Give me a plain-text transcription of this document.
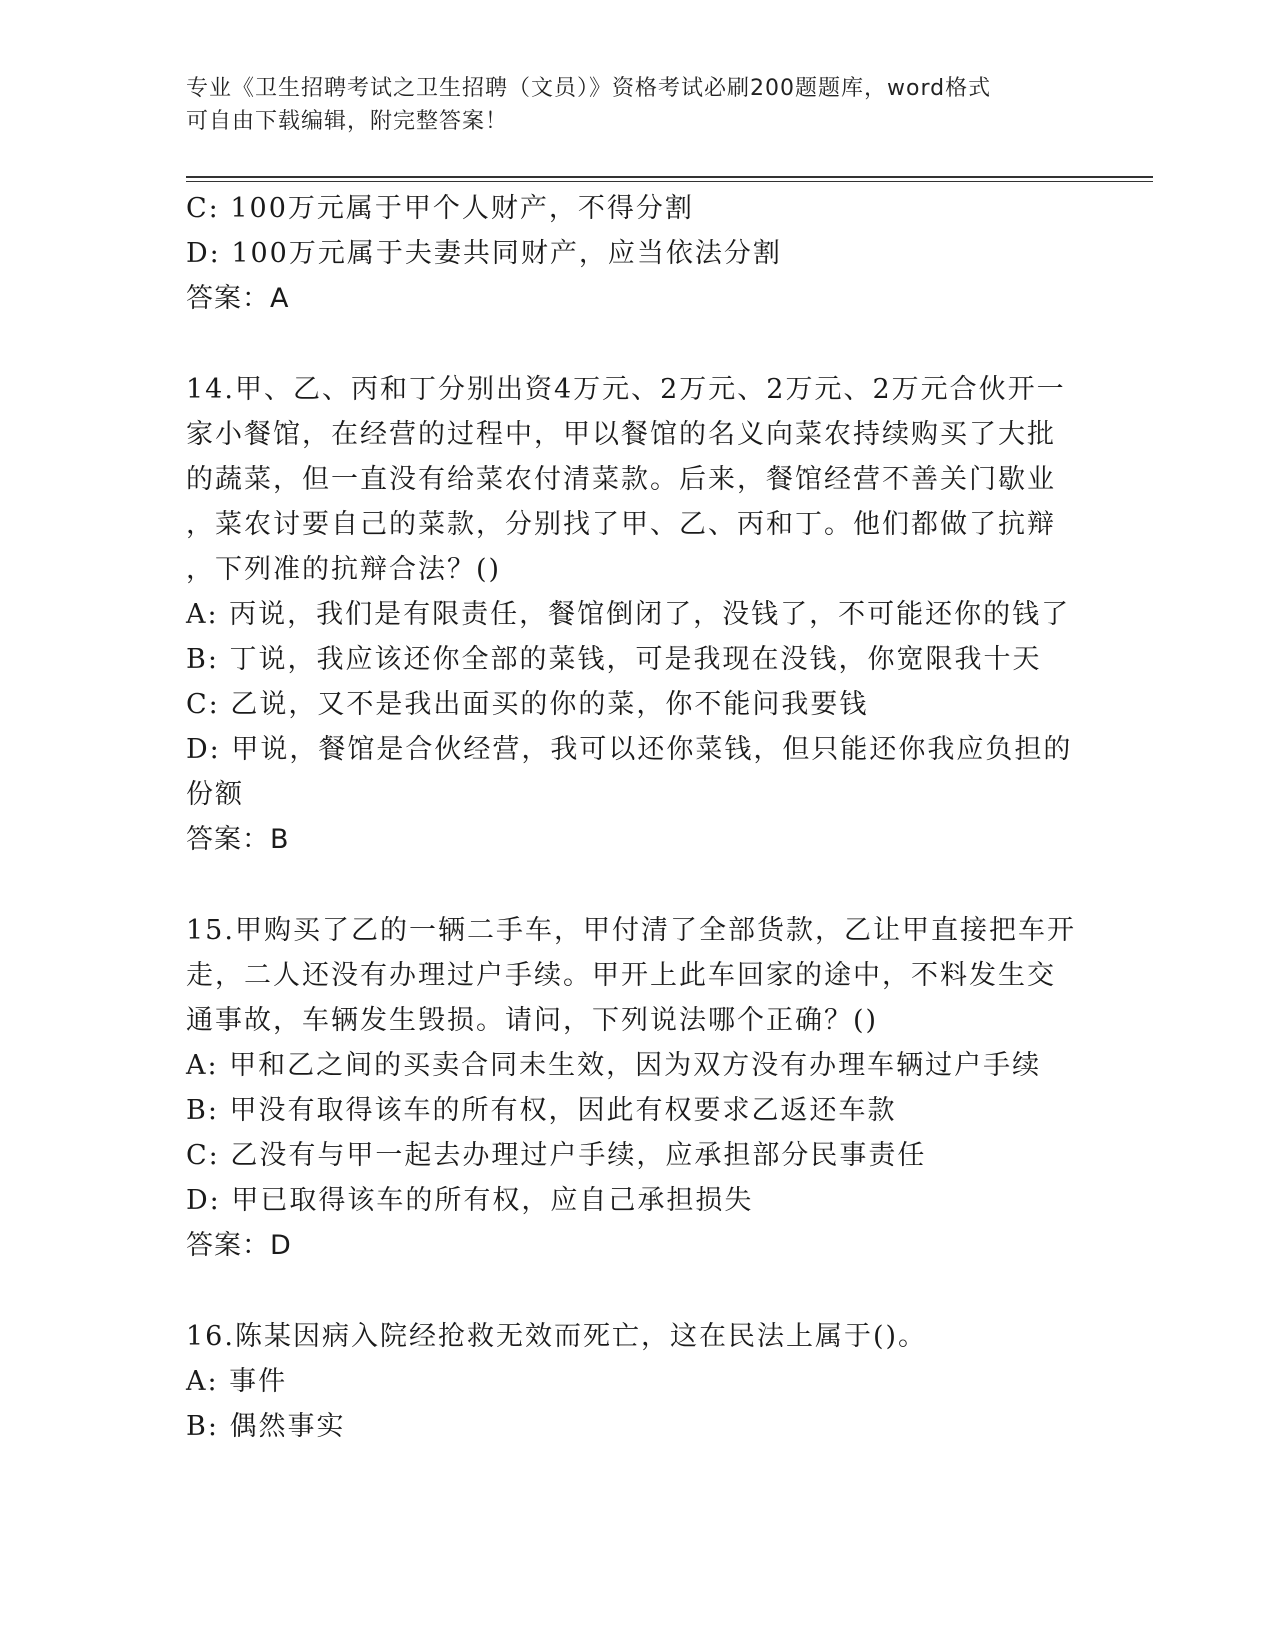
专业《卫生招聘考试之卫生招聘（文员）》资格考试必刷200题题库，word格式
可自由下载编辑，附完整答案！
C: 100万元属于甲个人财产，不得分割
D: 100万元属于夫妻共同财产，应当依法分割
答案：A
14.甲、乙、丙和丁分别出资4万元、2万元、2万元、2万元合伙开一
家小餐馆，在经营的过程中，甲以餐馆的名义向菜农持续购买了大批
的蔬菜，但一直没有给菜农付清菜款。后来，餐馆经营不善关门歇业
，菜农讨要自己的菜款，分别找了甲、乙、丙和丁。他们都做了抗辩
，下列准的抗辩合法？()
A: 丙说，我们是有限责任，餐馆倒闭了，没钱了，不可能还你的钱了
B: 丁说，我应该还你全部的菜钱，可是我现在没钱，你宽限我十天
C: 乙说，又不是我出面买的你的菜，你不能问我要钱
D: 甲说，餐馆是合伙经营，我可以还你菜钱，但只能还你我应负担的
份额
答案：B
15.甲购买了乙的一辆二手车，甲付清了全部货款，乙让甲直接把车开
走，二人还没有办理过户手续。甲开上此车回家的途中，不料发生交
通事故，车辆发生毁损。请问，下列说法哪个正确？()
A: 甲和乙之间的买卖合同未生效，因为双方没有办理车辆过户手续
B: 甲没有取得该车的所有权，因此有权要求乙返还车款
C: 乙没有与甲一起去办理过户手续，应承担部分民事责任
D: 甲已取得该车的所有权，应自己承担损失
答案：D
16.陈某因病入院经抢救无效而死亡，这在民法上属于()。
A: 事件
B: 偶然事实
